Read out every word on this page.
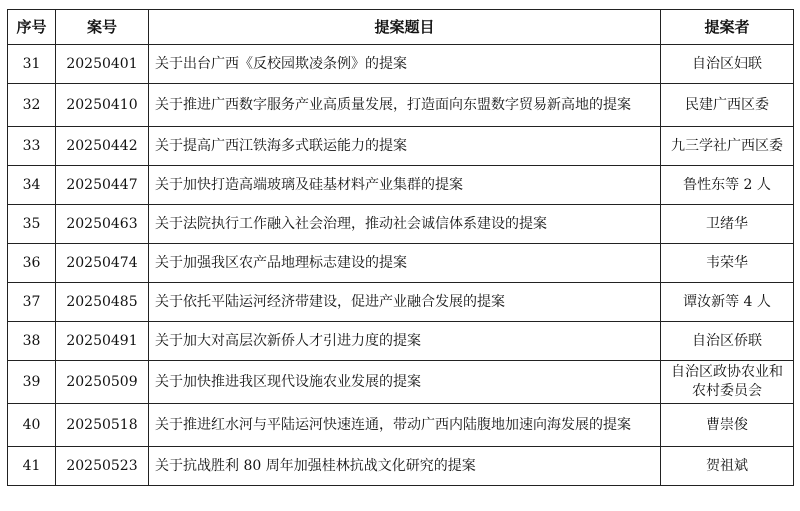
序号	案号	提案题目	提案者
31	20250401	关于出台广西《反校园欺凌条例》的提案	自治区妇联
32	20250410	关于推进广西数字服务产业高质量发展，打造面向东盟数字贸易新高地的提案	民建广西区委
33	20250442	关于提高广西江铁海多式联运能力的提案	九三学社广西区委
34	20250447	关于加快打造高端玻璃及硅基材料产业集群的提案	鲁性东等 2 人
35	20250463	关于法院执行工作融入社会治理，推动社会诚信体系建设的提案	卫绪华
36	20250474	关于加强我区农产品地理标志建设的提案	韦荣华
37	20250485	关于依托平陆运河经济带建设，促进产业融合发展的提案	谭汝新等 4 人
38	20250491	关于加大对高层次新侨人才引进力度的提案	自治区侨联
39	20250509	关于加快推进我区现代设施农业发展的提案	自治区政协农业和农村委员会
40	20250518	关于推进红水河与平陆运河快速连通，带动广西内陆腹地加速向海发展的提案	曹崇俊
41	20250523	关于抗战胜利 80 周年加强桂林抗战文化研究的提案	贺祖斌
